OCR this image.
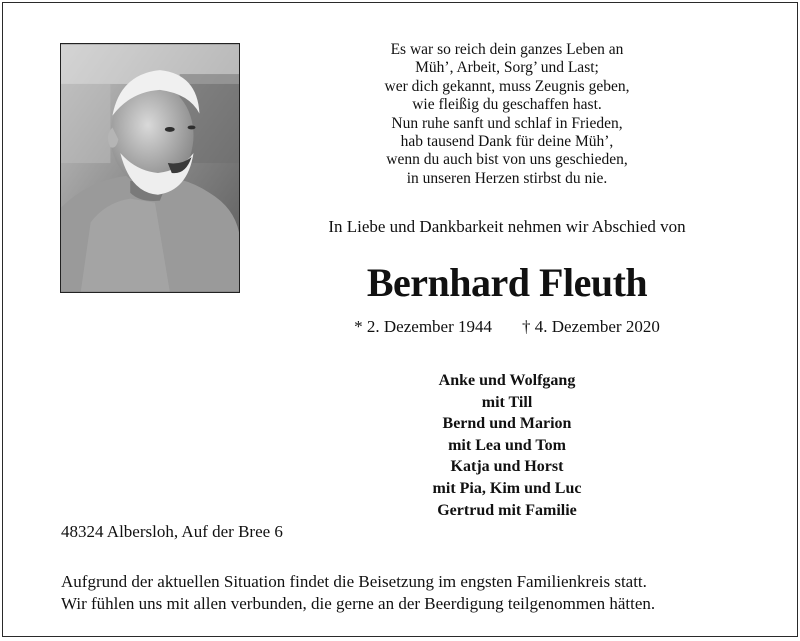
Es war so reich dein ganzes Leben an
Müh’, Arbeit, Sorg’ und Last;
wer dich gekannt, muss Zeugnis geben,
wie fleißig du geschaffen hast.
Nun ruhe sanft und schlaf in Frieden,
hab tausend Dank für deine Müh’,
wenn du auch bist von uns geschieden,
in unseren Herzen stirbst du nie.
In Liebe und Dankbarkeit nehmen wir Abschied von
Bernhard Fleuth
* 2. Dezember 1944 † 4. Dezember 2020
Anke und Wolfgang
mit Till
Bernd und Marion
mit Lea und Tom
Katja und Horst
mit Pia, Kim und Luc
Gertrud mit Familie
48324 Albersloh, Auf der Bree 6
Aufgrund der aktuellen Situation findet die Beisetzung im engsten Familienkreis statt.
Wir fühlen uns mit allen verbunden, die gerne an der Beerdigung teilgenommen hätten.
